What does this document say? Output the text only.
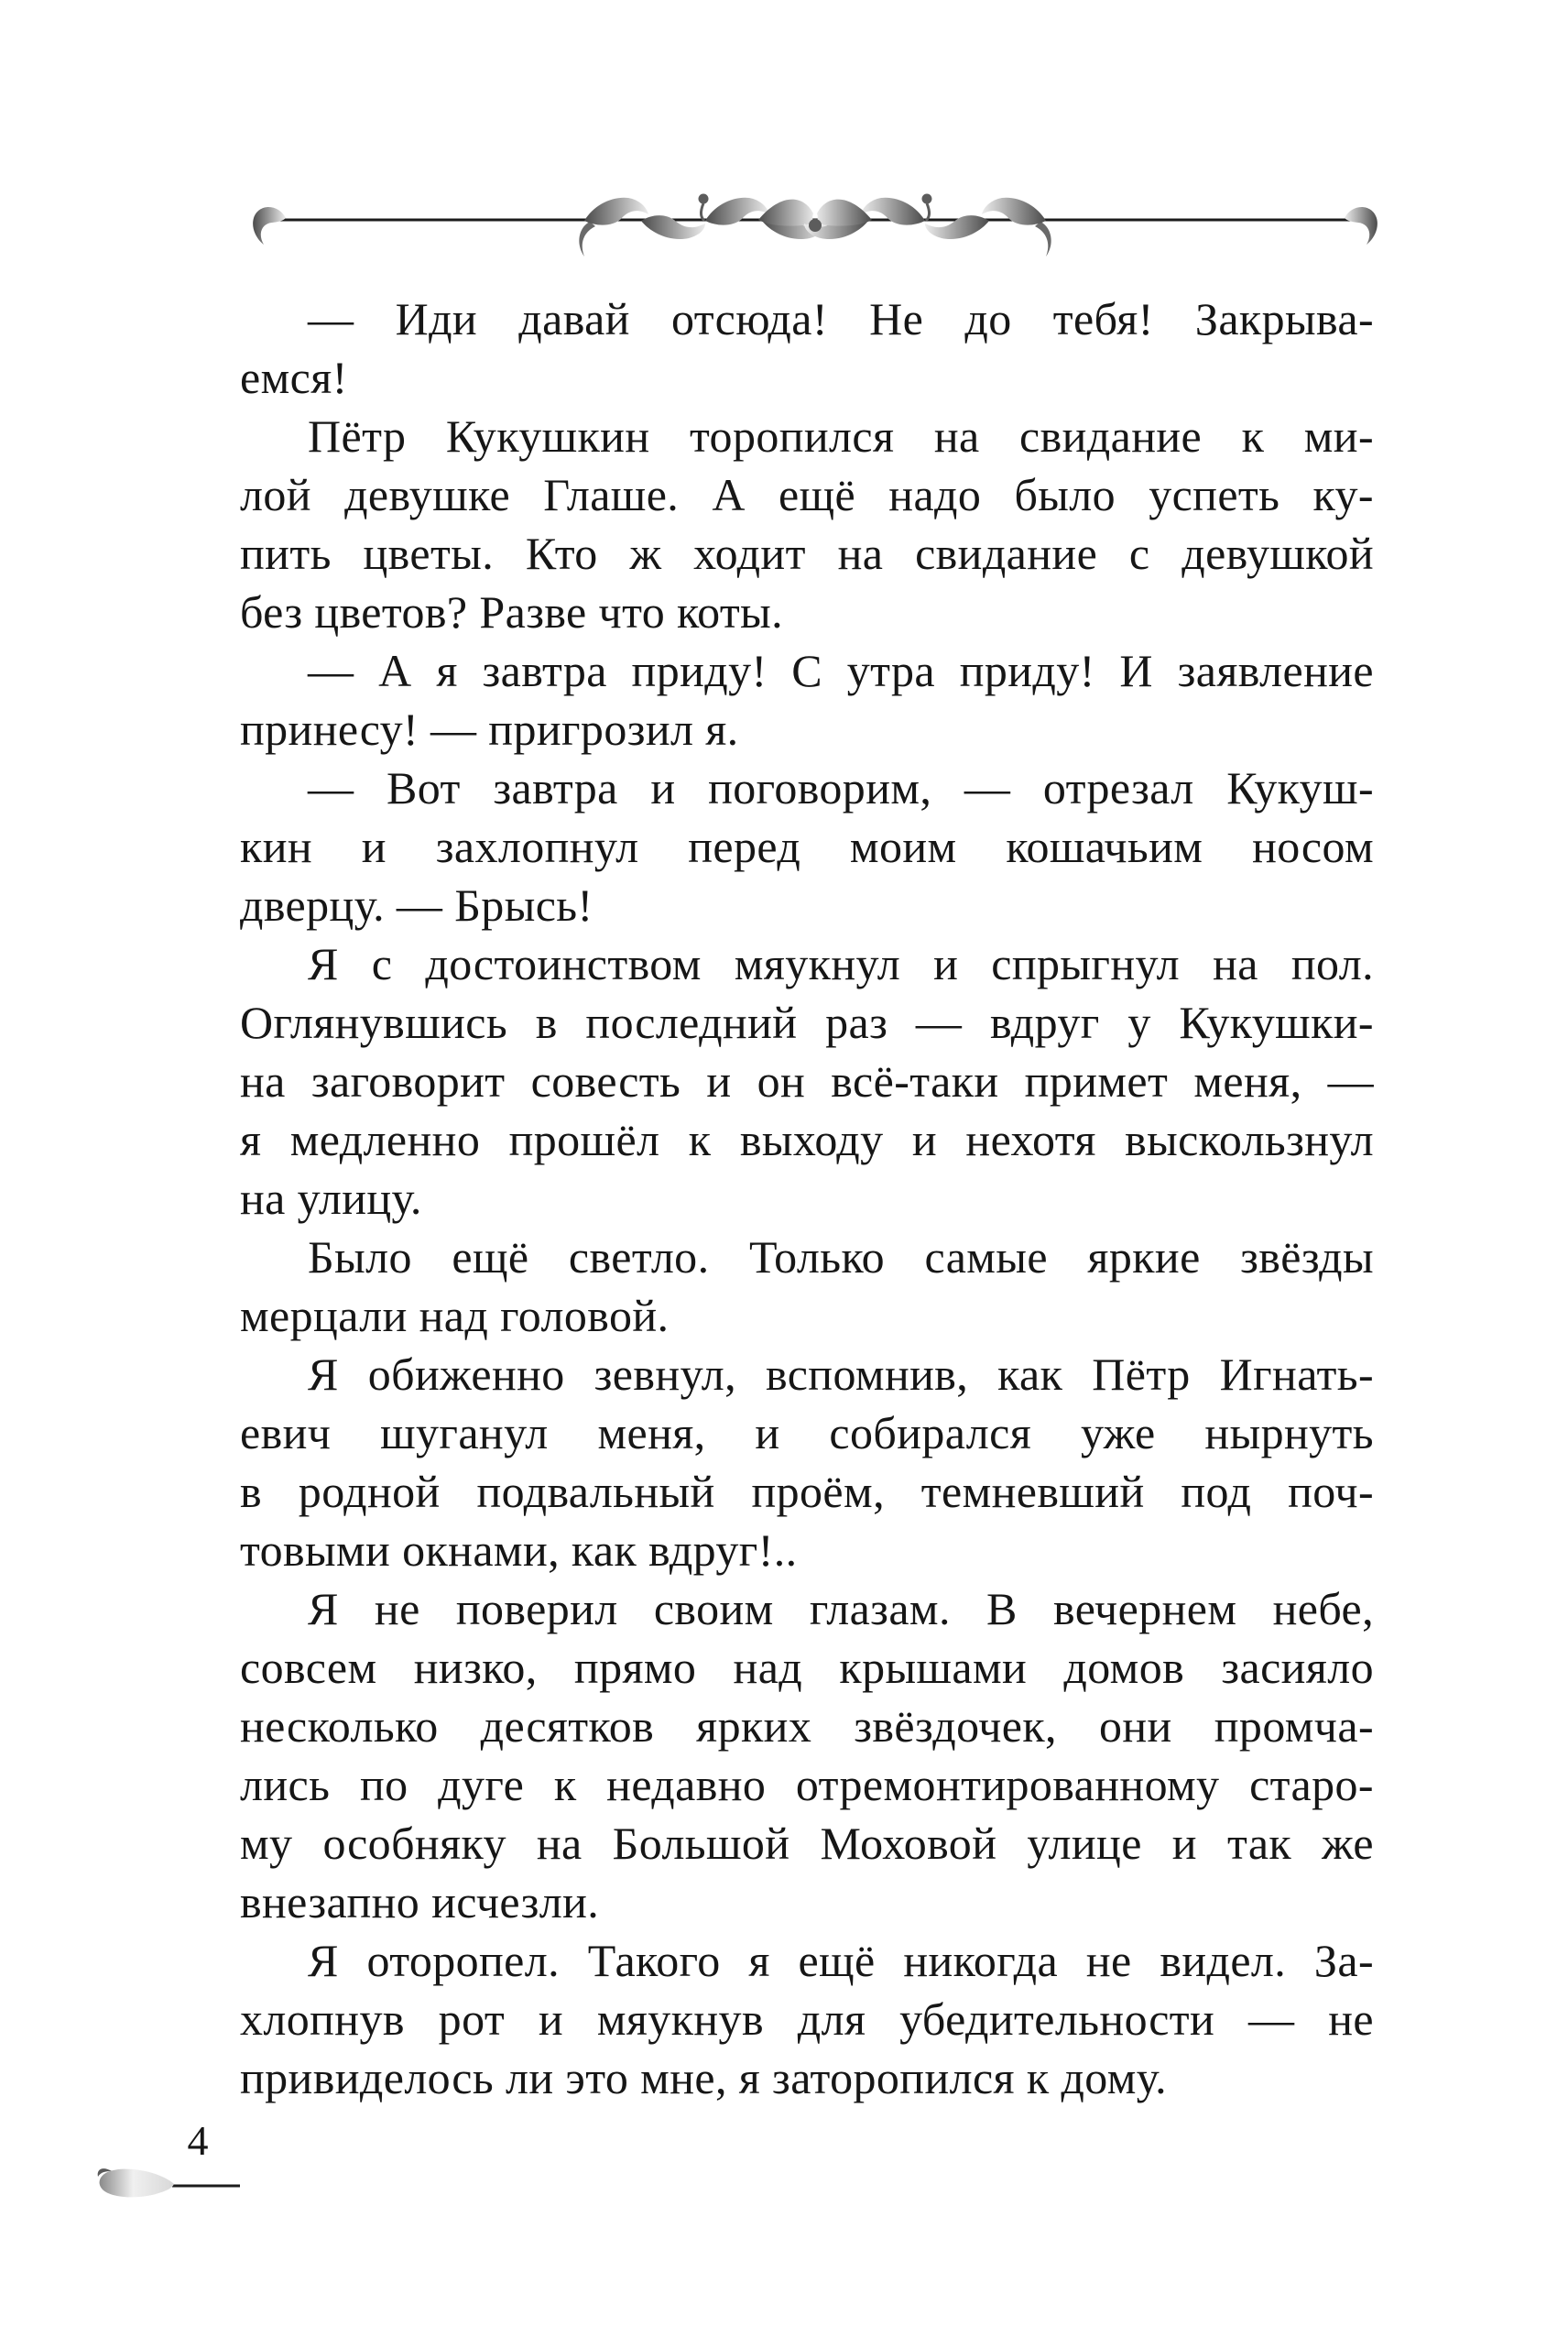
— Иди давай отсюда! Не до тебя! Закрыва-
емся!
Пётр Кукушкин торопился на свидание к ми-
лой девушке Глаше. А ещё надо было успеть ку-
пить цветы. Кто ж ходит на свидание с девушкой
без цветов? Разве что коты.
— А я завтра приду! С утра приду! И заявление
принесу! — пригрозил я.
— Вот завтра и поговорим, — отрезал Кукуш-
кин и захлопнул перед моим кошачьим носом
дверцу. — Брысь!
Я с достоинством мяукнул и спрыгнул на пол.
Оглянувшись в последний раз — вдруг у Кукушки-
на заговорит совесть и он всё-таки примет меня, —
я медленно прошёл к выходу и нехотя выскользнул
на улицу.
Было ещё светло. Только самые яркие звёзды
мерцали над головой.
Я обиженно зевнул, вспомнив, как Пётр Игнать-
евич шуганул меня, и собирался уже нырнуть
в родной подвальный проём, темневший под поч-
товыми окнами, как вдруг!..
Я не поверил своим глазам. В вечернем небе,
совсем низко, прямо над крышами домов засияло
несколько десятков ярких звёздочек, они промча-
лись по дуге к недавно отремонтированному старо-
му особняку на Большой Моховой улице и так же
внезапно исчезли.
Я оторопел. Такого я ещё никогда не видел. За-
хлопнув рот и мяукнув для убедительности — не
привиделось ли это мне, я заторопился к дому.
4
